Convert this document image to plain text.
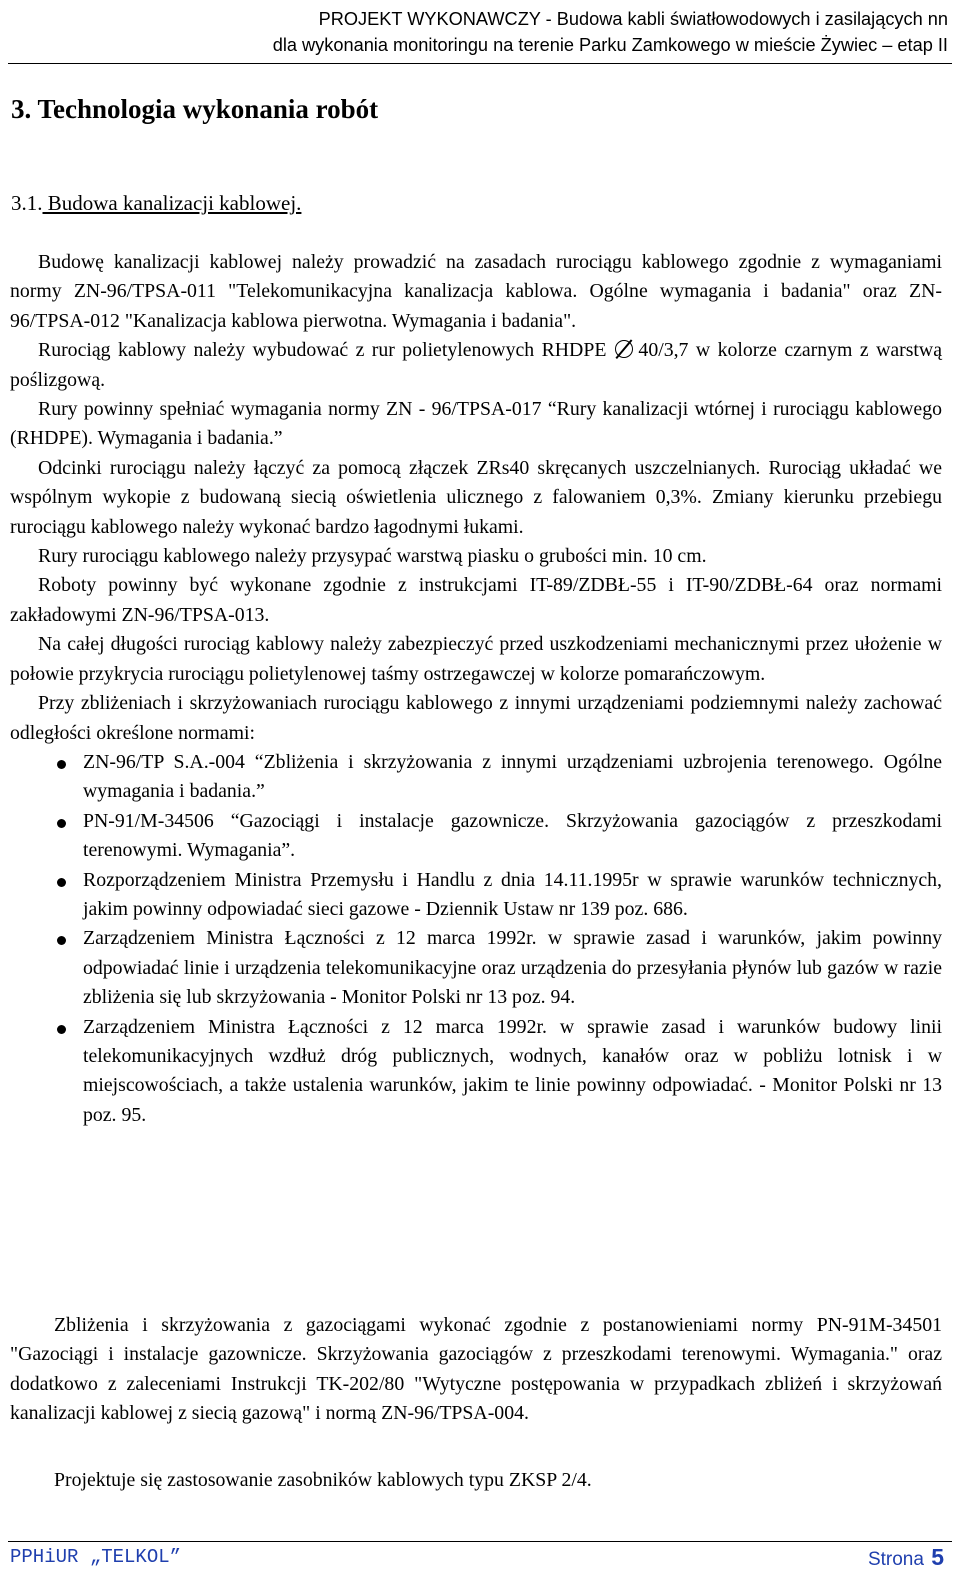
PROJEKT WYKONAWCZY - Budowa kabli światłowodowych i zasilających nn
dla wykonania monitoringu na terenie Parku Zamkowego w mieście Żywiec – etap II
3. Technologia wykonania robót
3.1. Budowa kanalizacji kablowej.

Budowę kanalizacji kablowej należy prowadzić na zasadach rurociągu kablowego zgodnie z wymaganiami normy ZN-96/TPSA-011 "Telekomunikacyjna kanalizacja kablowa. Ogólne wymagania i badania" oraz ZN-96/TPSA-012 "Kanalizacja kablowa pierwotna. Wymagania i badania".

Rurociąg kablowy należy wybudować z rur polietylenowych RHDPE 40/3,7 w kolorze czarnym z warstwą poślizgową.

Rury powinny spełniać wymagania normy ZN - 96/TPSA-017 “Rury kanalizacji wtórnej i rurociągu kablowego (RHDPE). Wymagania i badania.”

Odcinki rurociągu należy łączyć za pomocą złączek ZRs40 skręcanych uszczelnianych. Rurociąg układać we wspólnym wykopie z budowaną siecią oświetlenia ulicznego z falowaniem 0,3%. Zmiany kierunku przebiegu rurociągu kablowego należy wykonać bardzo łagodnymi łukami.

Rury rurociągu kablowego należy przysypać warstwą piasku o grubości min. 10 cm.

Roboty powinny być wykonane zgodnie z instrukcjami IT-89/ZDBŁ-55 i IT-90/ZDBŁ-64 oraz normami zakładowymi ZN-96/TPSA-013.

Na całej długości rurociąg kablowy należy zabezpieczyć przed uszkodzeniami mechanicznymi przez ułożenie w połowie przykrycia rurociągu polietylenowej taśmy ostrzegawczej w kolorze pomarańczowym.

Przy zbliżeniach i skrzyżowaniach rurociągu kablowego z innymi urządzeniami podziemnymi należy zachować odległości określone normami:

ZN-96/TP S.A.-004 “Zbliżenia i skrzyżowania z innymi urządzeniami uzbrojenia terenowego. Ogólne wymagania i badania.”
PN-91/M-34506 “Gazociągi i instalacje gazownicze. Skrzyżowania gazociągów z przeszkodami terenowymi. Wymagania”.
Rozporządzeniem Ministra Przemysłu i Handlu z dnia 14.11.1995r w sprawie warunków technicznych, jakim powinny odpowiadać sieci gazowe - Dziennik Ustaw nr 139 poz. 686.
Zarządzeniem Ministra Łączności z 12 marca 1992r. w sprawie zasad i warunków, jakim powinny odpowiadać linie i urządzenia telekomunikacyjne oraz urządzenia do przesyłania płynów lub gazów w razie zbliżenia się lub skrzyżowania - Monitor Polski nr 13 poz. 94.
Zarządzeniem Ministra Łączności z 12 marca 1992r. w sprawie zasad i warunków budowy linii telekomunikacyjnych wzdłuż dróg publicznych, wodnych, kanałów oraz w pobliżu lotnisk i w miejscowościach, a także ustalenia warunków, jakim te linie powinny odpowiadać. - Monitor Polski nr 13 poz. 95.

Zbliżenia i skrzyżowania z gazociągami wykonać zgodnie z postanowieniami normy PN-91M-34501 "Gazociągi i instalacje gazownicze. Skrzyżowania gazociągów z przeszkodami terenowymi. Wymagania." oraz dodatkowo z zaleceniami Instrukcji TK-202/80 "Wytyczne postępowania w przypadkach zbliżeń i skrzyżowań kanalizacji kablowej z siecią gazową" i normą ZN-96/TPSA-004.

Projektuje się zastosowanie zasobników kablowych typu ZKSP 2/4.
PPHiUR „TELKOL”	Strona 5
